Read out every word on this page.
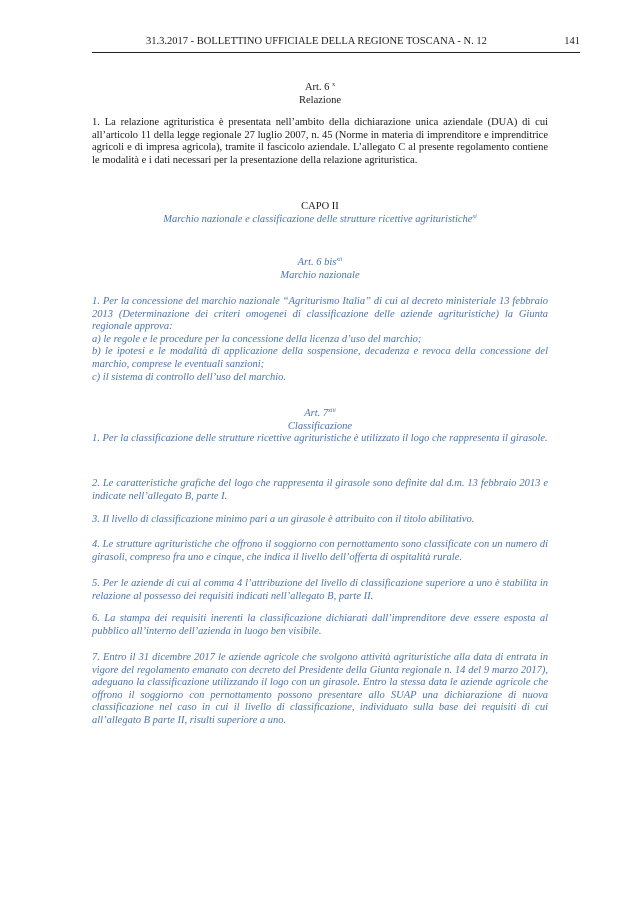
31.3.2017 - BOLLETTINO UFFICIALE DELLA REGIONE TOSCANA - N. 12	141

Art. 6 $^x$

Relazione

1. La relazione agrituristica è presentata nell’ambito della dichiarazione unica aziendale (DUA) di cui all’articolo 11 della legge regionale 27 luglio 2007, n. 45 (Norme in materia di imprenditore e imprenditrice agricoli e di impresa agricola), tramite il fascicolo aziendale. L’allegato C al presente regolamento contiene le modalità e i dati necessari per la presentazione della relazione agrituristica.

CAPO II

Marchio nazionale e classificazione delle strutture ricettive agrituristiche$^{xi}$

Art. 6 bis$^{xii}$

Marchio nazionale

1. Per la concessione del marchio nazionale “Agriturismo Italia” di cui al decreto ministeriale 13 febbraio 2013 (Determinazione dei criteri omogenei di classificazione delle aziende agrituristiche) la Giunta regionale approva:

a) le regole e le procedure per la concessione della licenza d’uso del marchio;

b) le ipotesi e le modalità di applicazione della sospensione, decadenza e revoca della concessione del marchio, comprese le eventuali sanzioni;

c) il sistema di controllo dell’uso del marchio.

Art. 7$^{xiii}$

Classificazione

1. Per la classificazione delle strutture ricettive agrituristiche è utilizzato il logo che rappresenta il girasole.

2. Le caratteristiche grafiche del logo che rappresenta il girasole sono definite dal d.m. 13 febbraio 2013 e indicate nell’allegato B, parte I.

3. Il livello di classificazione minimo pari a un girasole è attribuito con il titolo abilitativo.

4. Le strutture agrituristiche che offrono il soggiorno con pernottamento sono classificate con un numero di girasoli, compreso fra uno e cinque, che indica il livello dell’offerta di ospitalità rurale.

5. Per le aziende di cui al comma 4 l’attribuzione del livello di classificazione superiore a uno è stabilita in relazione al possesso dei requisiti indicati nell’allegato B, parte II.

6. La stampa dei requisiti inerenti la classificazione dichiarati dall’imprenditore deve essere esposta al pubblico all’interno dell’azienda in luogo ben visibile.

7. Entro il 31 dicembre 2017 le aziende agricole che svolgono attività agrituristiche alla data di entrata in vigore del regolamento emanato con decreto del Presidente della Giunta regionale n. 14 del 9 marzo 2017), adeguano la classificazione utilizzando il logo con un girasole. Entro la stessa data le aziende agricole che offrono il soggiorno con pernottamento possono presentare allo SUAP una dichiarazione di nuova classificazione nel caso in cui il livello di classificazione, individuato sulla base dei requisiti di cui all’allegato B parte II, risulti superiore a uno.
